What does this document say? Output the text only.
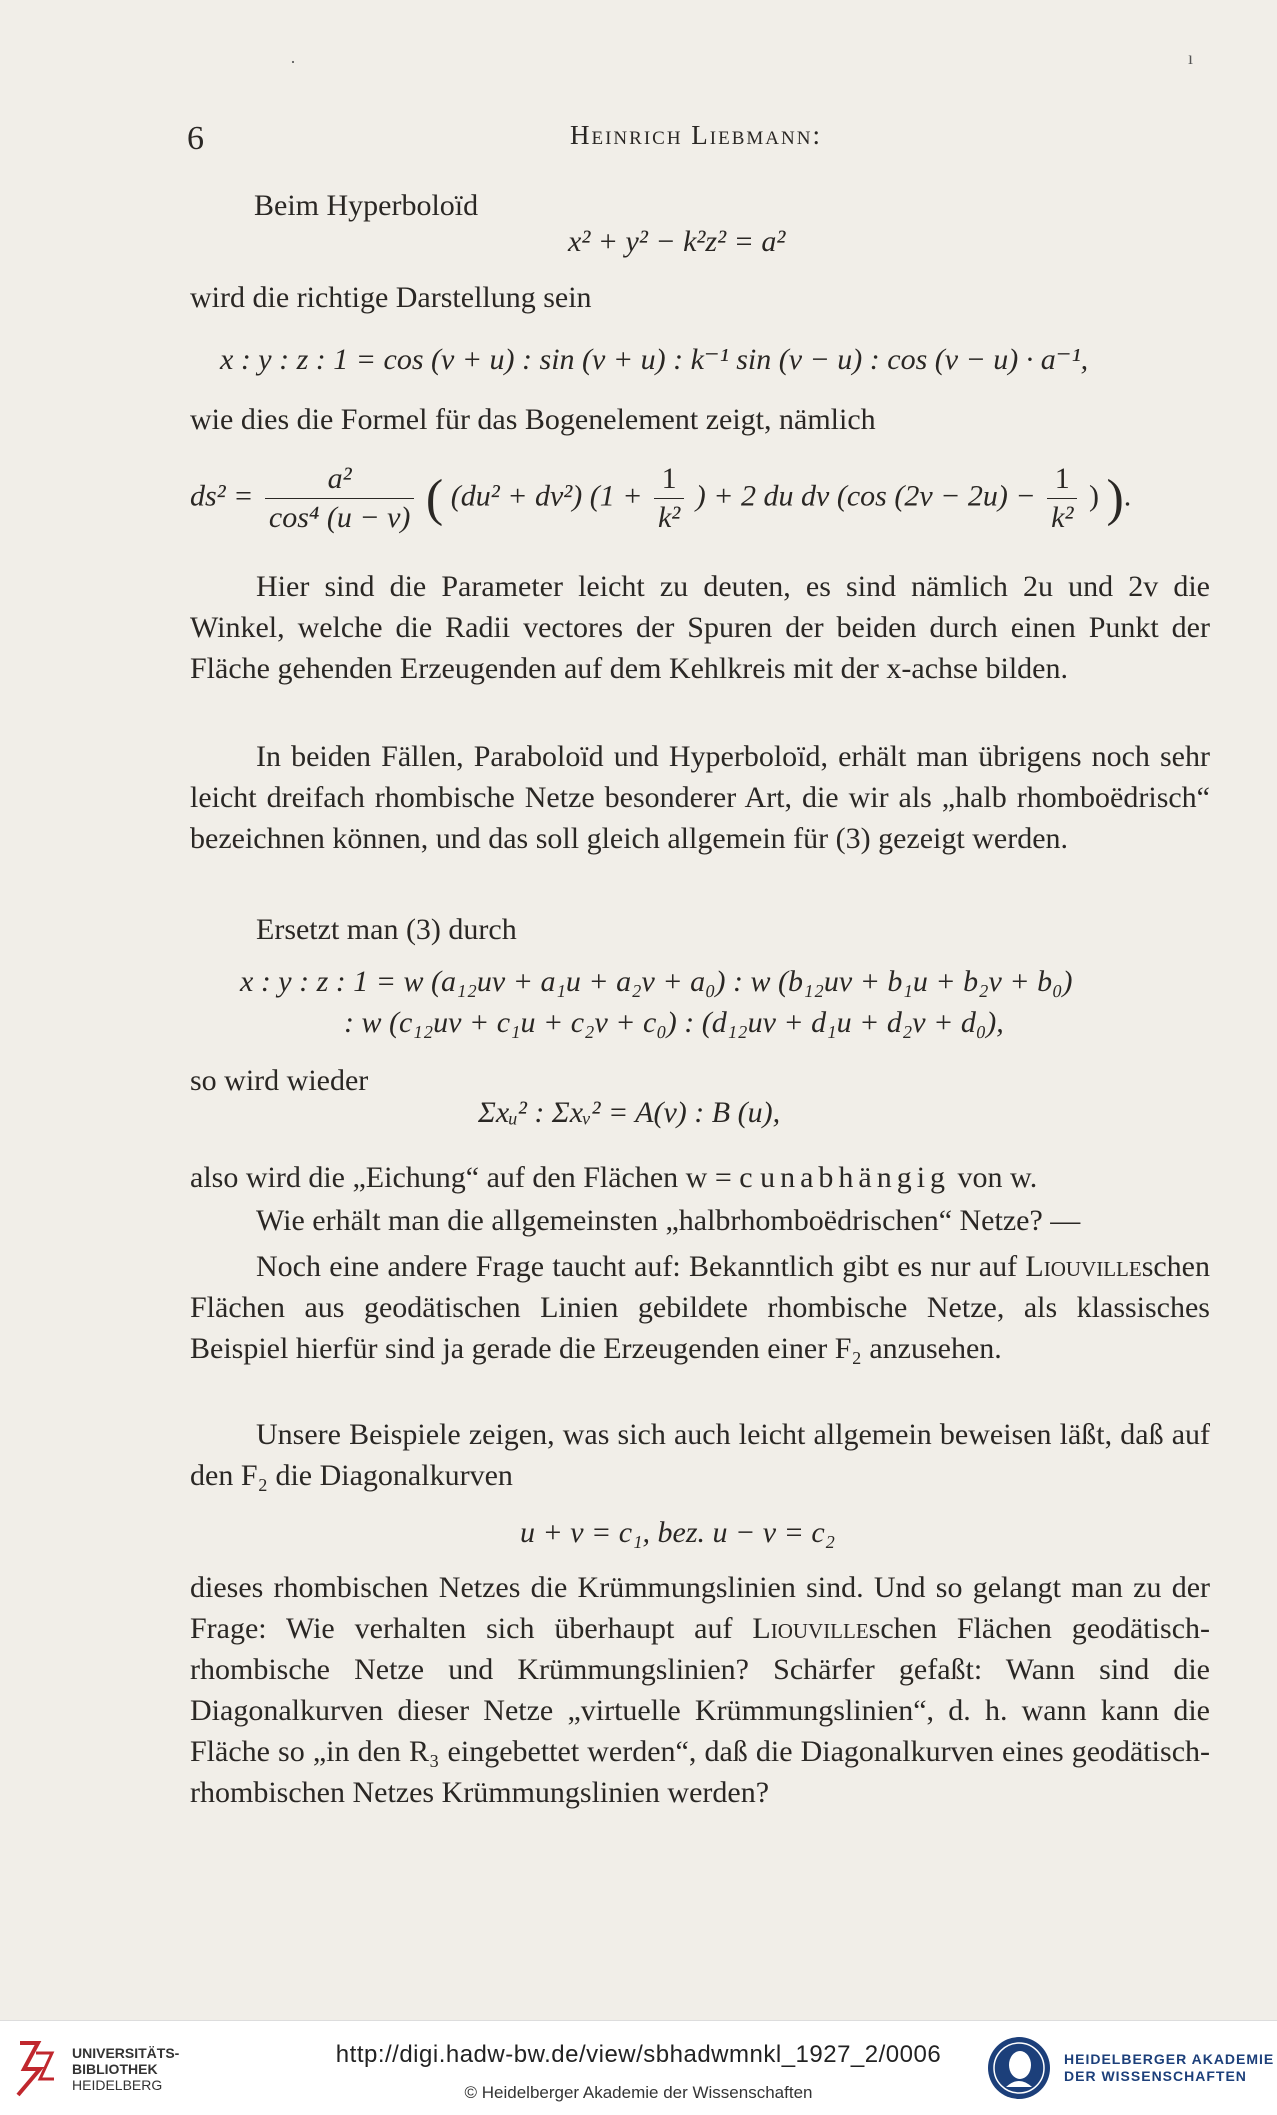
·	ı
6	Heinrich Liebmann:
Beim Hyperboloïd
x² + y² − k²z² = a²
wird die richtige Darstellung sein
x : y : z : 1 = cos (v + u) : sin (v + u) : k⁻¹ sin (v − u) : cos (v − u) · a⁻¹,
wie dies die Formel für das Bogenelement zeigt, nämlich
$ds^2 = \frac{\text{a²}}{\text{cos⁴ (u − v)}}$ ( (du² + dv²) ($1 + \frac{1}{\text{k²}}$ ) + 2 du dv (cos $(2v - 2u) - \frac{1}{\text{k²}}$ ) ).
Hier sind die Parameter leicht zu deuten, es sind nämlich 2u und 2v die Winkel, welche die Radii vectores der Spuren der beiden durch einen Punkt der Fläche gehenden Erzeugenden auf dem Kehlkreis mit der x-achse bilden.
In beiden Fällen, Paraboloïd und Hyperboloïd, erhält man übrigens noch sehr leicht dreifach rhombische Netze besonderer Art, die wir als „halb rhomboëdrisch“ bezeichnen können, und das soll gleich allgemein für (3) gezeigt werden.
Ersetzt man (3) durch
x : y : z : 1 = w (a₁₂uv + a₁u + a₂v + a₀) : w (b₁₂uv + b₁u + b₂v + b₀)
: w (c₁₂uv + c₁u + c₂v + c₀) : (d₁₂uv + d₁u + d₂v + d₀),
so wird wieder
Σxᵤ² : Σxᵥ² = A(v) : B (u),
also wird die „Eichung“ auf den Flächen w = c unabhängig von w.
Wie erhält man die allgemeinsten „halbrhomboëdrischen“ Netze? —
Noch eine andere Frage taucht auf: Bekanntlich gibt es nur auf Liouvilleschen Flächen aus geodätischen Linien gebildete rhombische Netze, als klassisches Beispiel hierfür sind ja gerade die Erzeugenden einer F₂ anzusehen.
Unsere Beispiele zeigen, was sich auch leicht allgemein beweisen läßt, daß auf den F₂ die Diagonalkurven
u + v = c₁, bez. u − v = c₂
dieses rhombischen Netzes die Krümmungslinien sind. Und so gelangt man zu der Frage: Wie verhalten sich überhaupt auf Liouvilleschen Flächen geodätisch-rhombische Netze und Krümmungslinien? Schärfer gefaßt: Wann sind die Diagonalkurven dieser Netze „virtuelle Krümmungslinien“, d. h. wann kann die Fläche so „in den R₃ eingebettet werden“, daß die Diagonalkurven eines geodätisch-rhombischen Netzes Krümmungslinien werden?
UNIVERSITÄTS-
BIBLIOTHEK
HEIDELBERG
http://digi.hadw-bw.de/view/sbhadwmnkl_1927_2/0006
© Heidelberger Akademie der Wissenschaften
HEIDELBERGER AKADEMIE
DER WISSENSCHAFTEN
